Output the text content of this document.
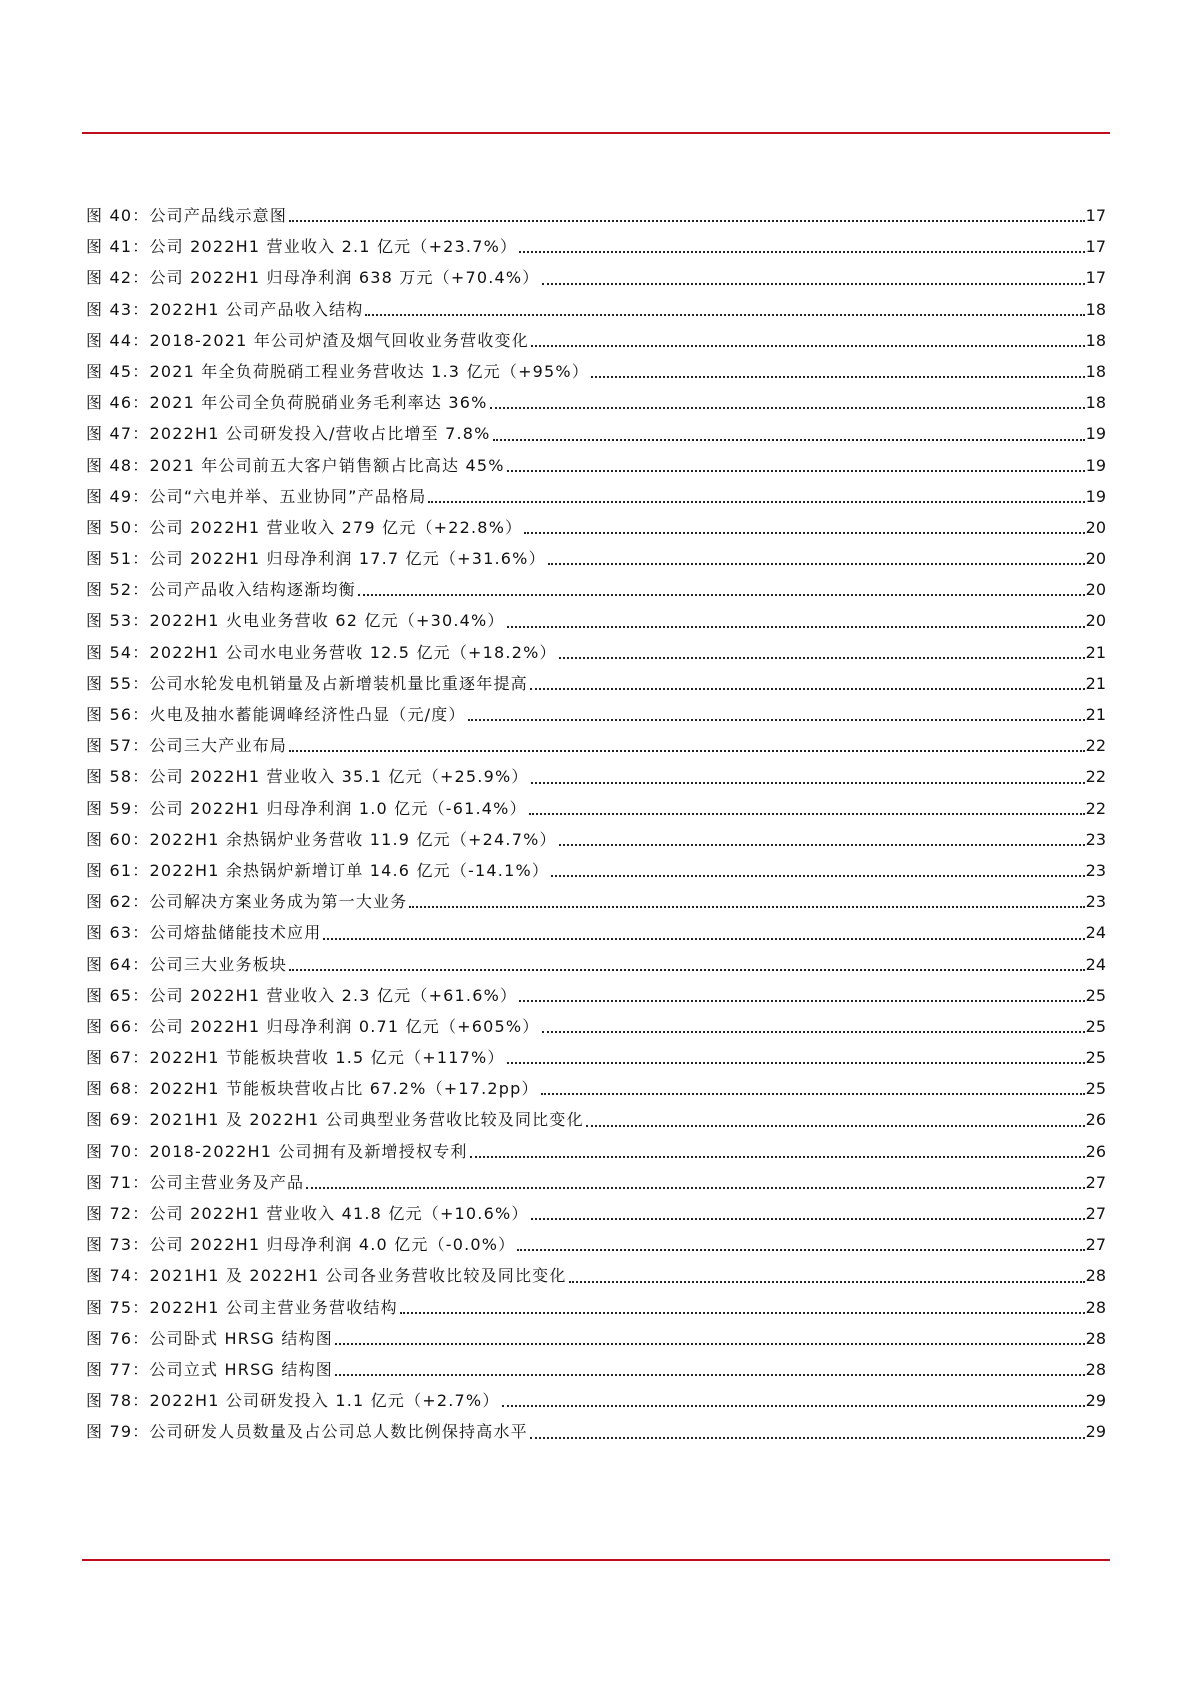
图 40：公司产品线示意图	17
图 41：公司 2022H1 营业收入 2.1 亿元（+23.7%）	17
图 42：公司 2022H1 归母净利润 638 万元（+70.4%）	17
图 43：2022H1 公司产品收入结构	18
图 44：2018-2021 年公司炉渣及烟气回收业务营收变化	18
图 45：2021 年全负荷脱硝工程业务营收达 1.3 亿元（+95%）	18
图 46：2021 年公司全负荷脱硝业务毛利率达 36%	18
图 47：2022H1 公司研发投入/营收占比增至 7.8%	19
图 48：2021 年公司前五大客户销售额占比高达 45%	19
图 49：公司“六电并举、五业协同”产品格局	19
图 50：公司 2022H1 营业收入 279 亿元（+22.8%）	20
图 51：公司 2022H1 归母净利润 17.7 亿元（+31.6%）	20
图 52：公司产品收入结构逐渐均衡	20
图 53：2022H1 火电业务营收 62 亿元（+30.4%）	20
图 54：2022H1 公司水电业务营收 12.5 亿元（+18.2%）	21
图 55：公司水轮发电机销量及占新增装机量比重逐年提高	21
图 56：火电及抽水蓄能调峰经济性凸显（元/度）	21
图 57：公司三大产业布局	22
图 58：公司 2022H1 营业收入 35.1 亿元（+25.9%）	22
图 59：公司 2022H1 归母净利润 1.0 亿元（-61.4%）	22
图 60：2022H1 余热锅炉业务营收 11.9 亿元（+24.7%）	23
图 61：2022H1 余热锅炉新增订单 14.6 亿元（-14.1%）	23
图 62：公司解决方案业务成为第一大业务	23
图 63：公司熔盐储能技术应用	24
图 64：公司三大业务板块	24
图 65：公司 2022H1 营业收入 2.3 亿元（+61.6%）	25
图 66：公司 2022H1 归母净利润 0.71 亿元（+605%）	25
图 67：2022H1 节能板块营收 1.5 亿元（+117%）	25
图 68：2022H1 节能板块营收占比 67.2%（+17.2pp）	25
图 69：2021H1 及 2022H1 公司典型业务营收比较及同比变化	26
图 70：2018-2022H1 公司拥有及新增授权专利	26
图 71：公司主营业务及产品	27
图 72：公司 2022H1 营业收入 41.8 亿元（+10.6%）	27
图 73：公司 2022H1 归母净利润 4.0 亿元（-0.0%）	27
图 74：2021H1 及 2022H1 公司各业务营收比较及同比变化	28
图 75：2022H1 公司主营业务营收结构	28
图 76：公司卧式 HRSG 结构图	28
图 77：公司立式 HRSG 结构图	28
图 78：2022H1 公司研发投入 1.1 亿元（+2.7%）	29
图 79：公司研发人员数量及占公司总人数比例保持高水平	29
